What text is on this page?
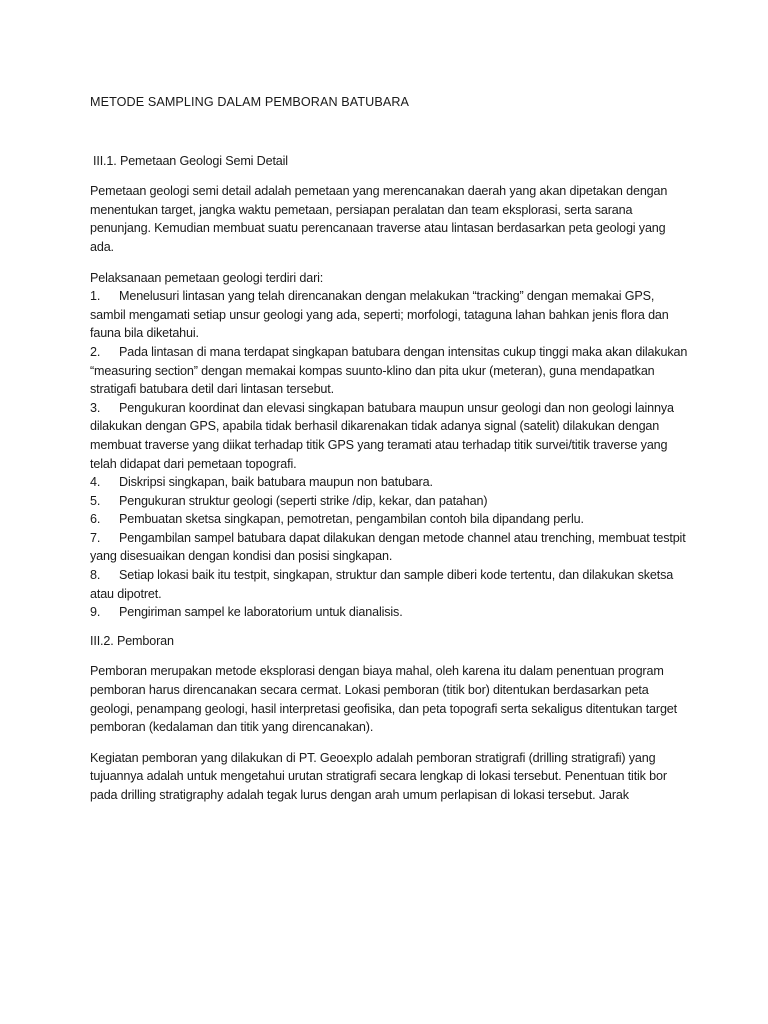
METODE SAMPLING DALAM PEMBORAN BATUBARA
III.1. Pemetaan Geologi Semi Detail

Pemetaan geologi semi detail adalah pemetaan yang merencanakan daerah yang akan dipetakan dengan menentukan target, jangka waktu pemetaan, persiapan peralatan dan team eksplorasi, serta sarana penunjang. Kemudian membuat suatu perencanaan traverse atau lintasan berdasarkan peta geologi yang ada.

Pelaksanaan pemetaan geologi terdiri dari:

1. Menelusuri lintasan yang telah direncanakan dengan melakukan “tracking” dengan memakai GPS, sambil mengamati setiap unsur geologi yang ada, seperti; morfologi, tataguna lahan bahkan jenis flora dan fauna bila diketahui.

2. Pada lintasan di mana terdapat singkapan batubara dengan intensitas cukup tinggi maka akan dilakukan “measuring section” dengan memakai kompas suunto-klino dan pita ukur (meteran), guna mendapatkan stratigafi batubara detil dari lintasan tersebut.

3. Pengukuran koordinat dan elevasi singkapan batubara maupun unsur geologi dan non geologi lainnya dilakukan dengan GPS, apabila tidak berhasil dikarenakan tidak adanya signal (satelit) dilakukan dengan membuat traverse yang diikat terhadap titik GPS yang teramati atau terhadap titik survei/titik traverse yang telah didapat dari pemetaan topografi.

4. Diskripsi singkapan, baik batubara maupun non batubara.

5. Pengukuran struktur geologi (seperti strike /dip, kekar, dan patahan)

6. Pembuatan sketsa singkapan, pemotretan, pengambilan contoh bila dipandang perlu.

7. Pengambilan sampel batubara dapat dilakukan dengan metode channel atau trenching, membuat testpit yang disesuaikan dengan kondisi dan posisi singkapan.

8. Setiap lokasi baik itu testpit, singkapan, struktur dan sample diberi kode tertentu, dan dilakukan sketsa atau dipotret.

9. Pengiriman sampel ke laboratorium untuk dianalisis.

III.2. Pemboran

Pemboran merupakan metode eksplorasi dengan biaya mahal, oleh karena itu dalam penentuan program pemboran harus direncanakan secara cermat. Lokasi pemboran (titik bor) ditentukan berdasarkan peta geologi, penampang geologi, hasil interpretasi geofisika, dan peta topografi serta sekaligus ditentukan target pemboran (kedalaman dan titik yang direncanakan).

Kegiatan pemboran yang dilakukan di PT. Geoexplo adalah pemboran stratigrafi (drilling stratigrafi) yang tujuannya adalah untuk mengetahui urutan stratigrafi secara lengkap di lokasi tersebut. Penentuan titik bor pada drilling stratigraphy adalah tegak lurus dengan arah umum perlapisan di lokasi tersebut. Jarak
